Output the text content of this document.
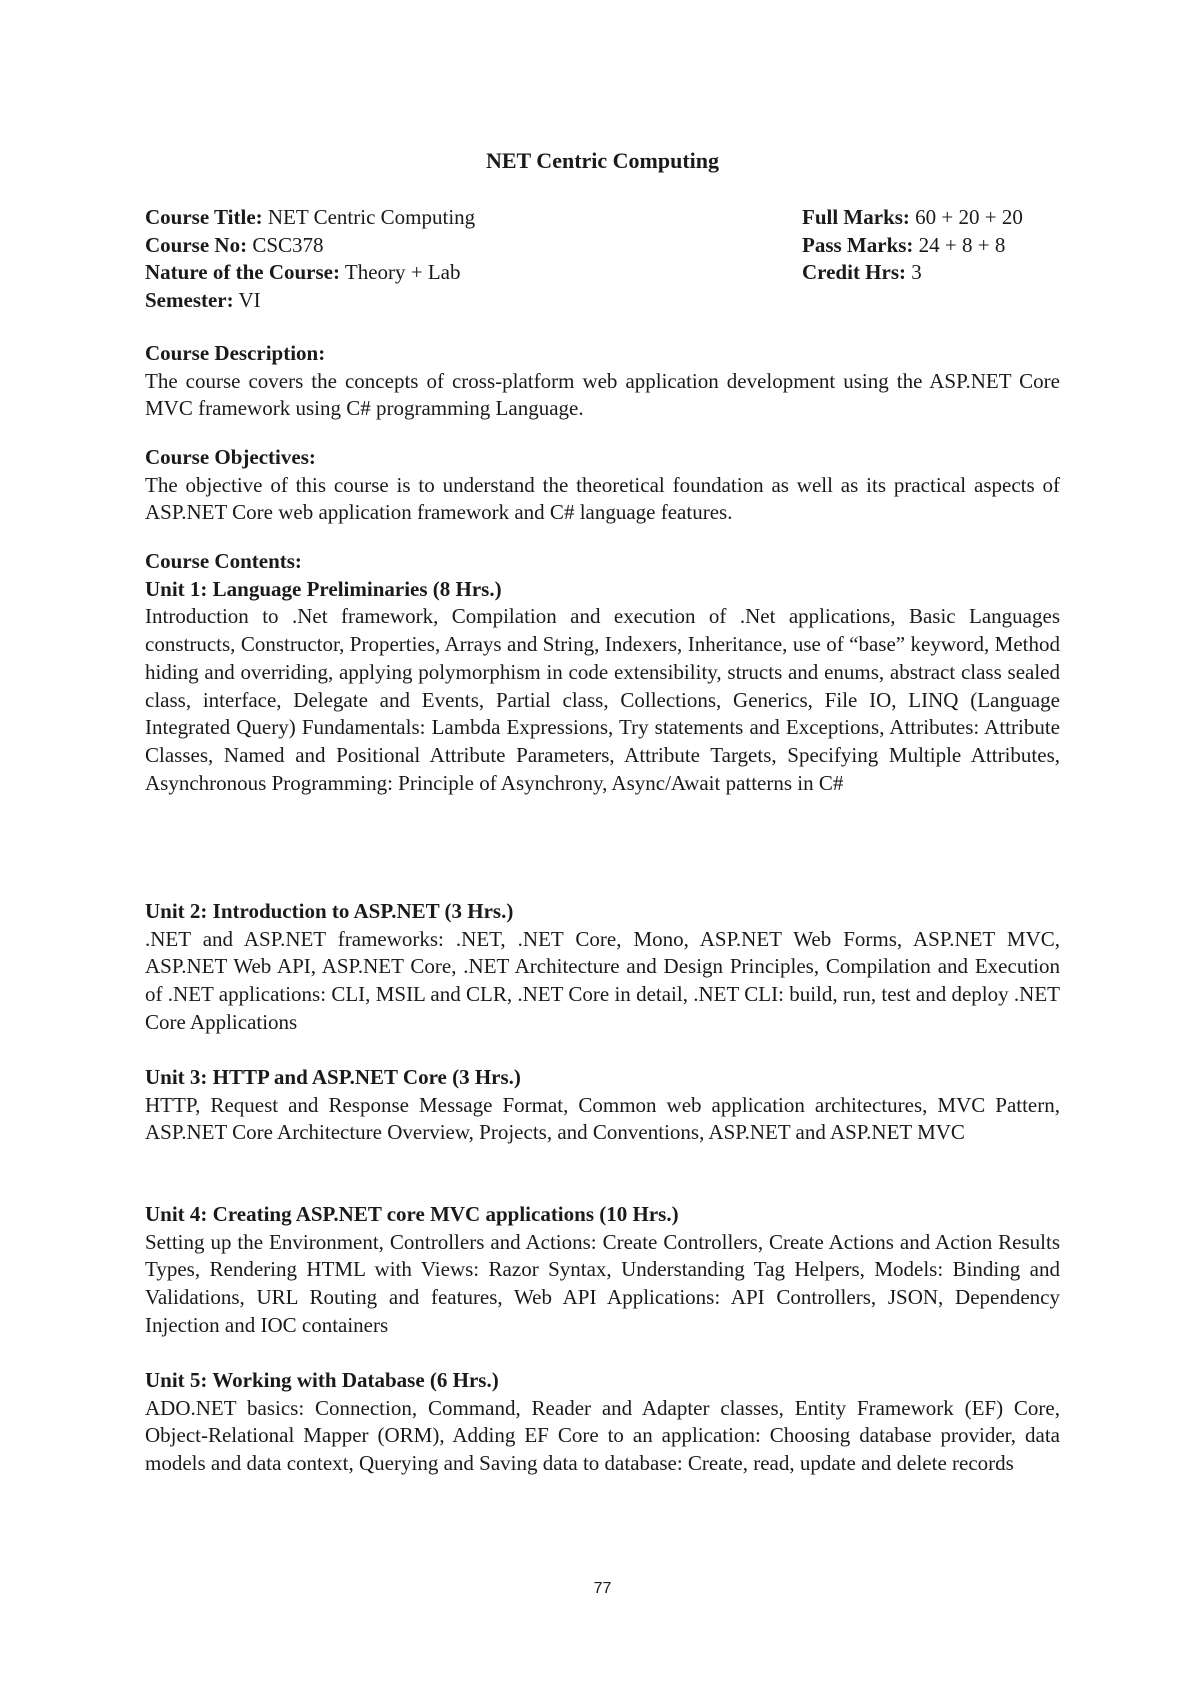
NET Centric Computing
Course Title: NET Centric Computing
Course No: CSC378
Nature of the Course: Theory + Lab
Semester: VI
Full Marks: 60 + 20 + 20
Pass Marks: 24 + 8 + 8
Credit Hrs: 3
Course Description:
The course covers the concepts of cross-platform web application development using the ASP.NET Core MVC framework using C# programming Language.
Course Objectives:
The objective of this course is to understand the theoretical foundation as well as its practical aspects of ASP.NET Core web application framework and C# language features.
Course Contents:
Unit 1: Language Preliminaries (8 Hrs.)
Introduction to .Net framework, Compilation and execution of .Net applications, Basic Languages constructs, Constructor, Properties, Arrays and String, Indexers, Inheritance, use of “base” keyword, Method hiding and overriding, applying polymorphism in code extensibility, structs and enums, abstract class sealed class, interface, Delegate and Events, Partial class, Collections, Generics, File IO, LINQ (Language Integrated Query) Fundamentals: Lambda Expressions, Try statements and Exceptions, Attributes: Attribute Classes, Named and Positional Attribute Parameters, Attribute Targets, Specifying Multiple Attributes, Asynchronous Programming: Principle of Asynchrony, Async/Await patterns in C#
Unit 2: Introduction to ASP.NET (3 Hrs.)
.NET and ASP.NET frameworks: .NET, .NET Core, Mono, ASP.NET Web Forms, ASP.NET MVC, ASP.NET Web API, ASP.NET Core, .NET Architecture and Design Principles, Compilation and Execution of .NET applications: CLI, MSIL and CLR, .NET Core in detail, .NET CLI: build, run, test and deploy .NET Core Applications
Unit 3: HTTP and ASP.NET Core (3 Hrs.)
HTTP, Request and Response Message Format, Common web application architectures, MVC Pattern, ASP.NET Core Architecture Overview, Projects, and Conventions, ASP.NET and ASP.NET MVC
Unit 4: Creating ASP.NET core MVC applications (10 Hrs.)
Setting up the Environment, Controllers and Actions: Create Controllers, Create Actions and Action Results Types, Rendering HTML with Views: Razor Syntax, Understanding Tag Helpers, Models: Binding and Validations, URL Routing and features, Web API Applications: API Controllers, JSON, Dependency Injection and IOC containers
Unit 5: Working with Database (6 Hrs.)
ADO.NET basics: Connection, Command, Reader and Adapter classes, Entity Framework (EF) Core, Object-Relational Mapper (ORM), Adding EF Core to an application: Choosing database provider, data models and data context, Querying and Saving data to database: Create, read, update and delete records
77
